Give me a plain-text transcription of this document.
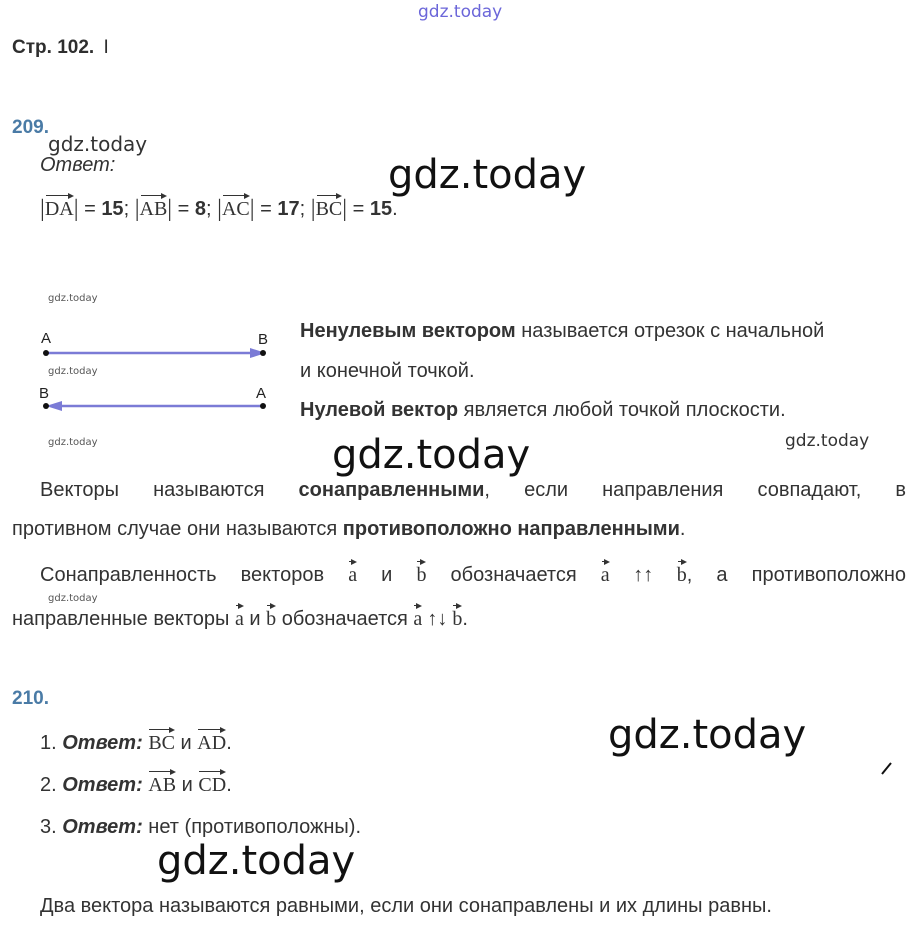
gdz.today
gdz.today
gdz.today
gdz.today
gdz.today
gdz.today	gdz.today
gdz.today
gdz.today
gdz.today
gdz.today
Стр. 102. I
209.
Ответ:
|DA| = 15; |AB| = 8; |AC| = 17; |BC| = 15.
A	B
B	A
Ненулевым вектором называется отрезок с начальной
и конечной точкой.
Нулевой вектор является любой точкой плоскости.
Векторы называются сонаправленными, если направления совпадают, в
противном случае они называются противоположно направленными.
Сонаправленность векторов a и b обозначается a ↑↑ b, а противоположно
направленные векторы a и b обозначается a ↑↓ b.
210.
1. Ответ: BC и AD.
2. Ответ: AB и CD.
3. Ответ: нет (противоположны).
Два вектора называются равными, если они сонаправлены и их длины равны.
